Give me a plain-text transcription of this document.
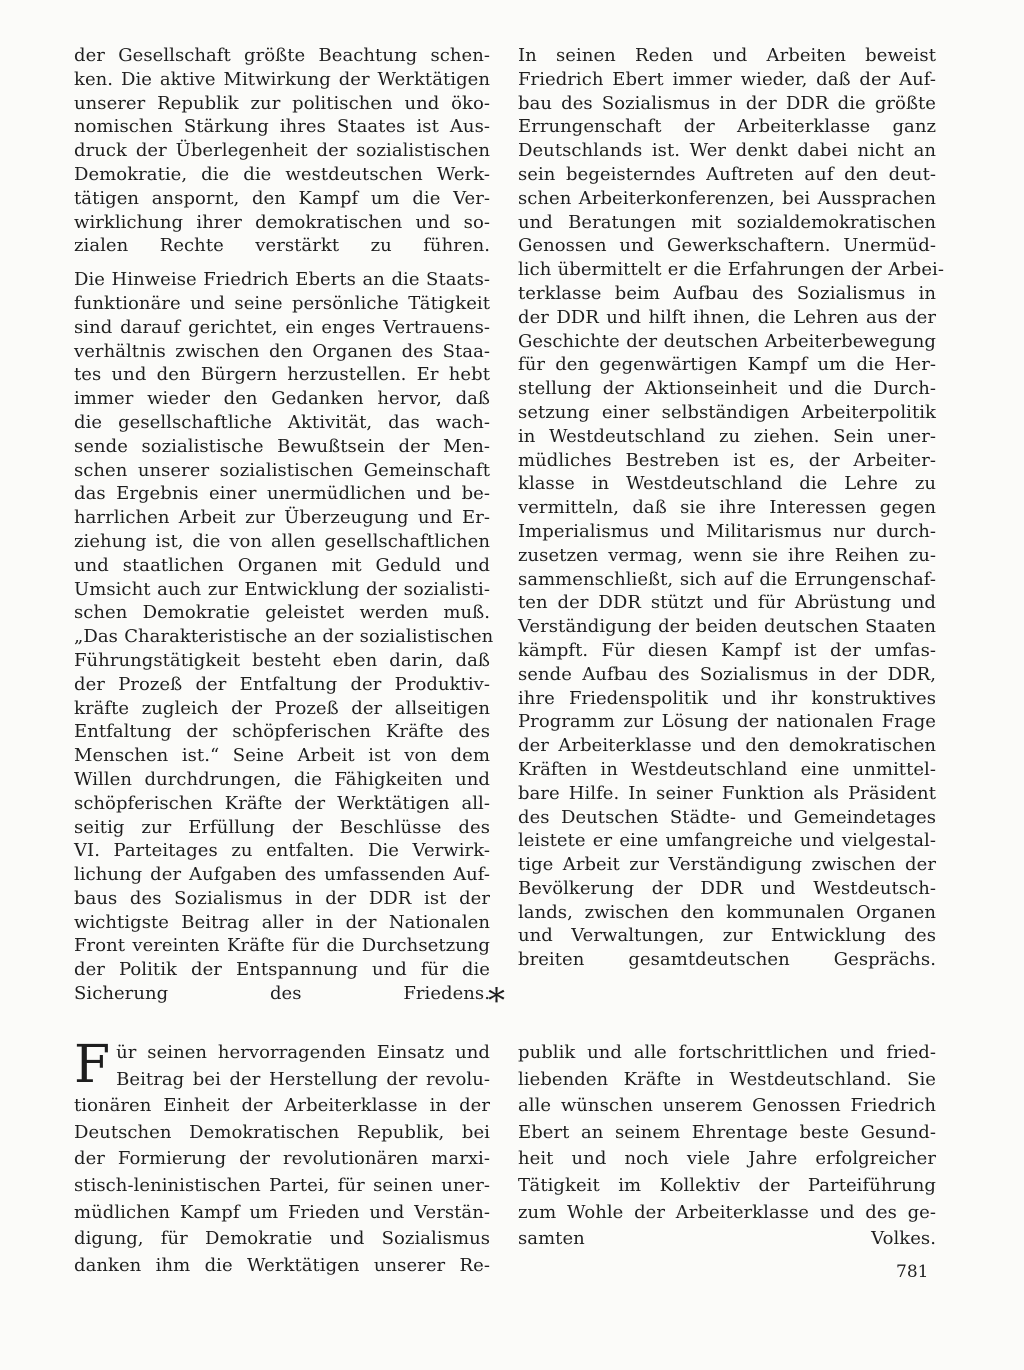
der Gesellschaft größte Beachtung schen-
ken. Die aktive Mitwirkung der Werktätigen
unserer Republik zur politischen und öko-
nomischen Stärkung ihres Staates ist Aus-
druck der Überlegenheit der sozialistischen
Demokratie, die die westdeutschen Werk-
tätigen anspornt, den Kampf um die Ver-
wirklichung ihrer demokratischen und so-
zialen Rechte verstärkt zu führen.

Die Hinweise Friedrich Eberts an die Staats-
funktionäre und seine persönliche Tätigkeit
sind darauf gerichtet, ein enges Vertrauens-
verhältnis zwischen den Organen des Staa-
tes und den Bürgern herzustellen. Er hebt
immer wieder den Gedanken hervor, daß
die gesellschaftliche Aktivität, das wach-
sende sozialistische Bewußtsein der Men-
schen unserer sozialistischen Gemeinschaft
das Ergebnis einer unermüdlichen und be-
harrlichen Arbeit zur Überzeugung und Er-
ziehung ist, die von allen gesellschaftlichen
und staatlichen Organen mit Geduld und
Umsicht auch zur Entwicklung der sozialisti-
schen Demokratie geleistet werden muß.
„Das Charakteristische an der sozialistischen
Führungstätigkeit besteht eben darin, daß
der Prozeß der Entfaltung der Produktiv-
kräfte zugleich der Prozeß der allseitigen
Entfaltung der schöpferischen Kräfte des
Menschen ist.“ Seine Arbeit ist von dem
Willen durchdrungen, die Fähigkeiten und
schöpferischen Kräfte der Werktätigen all-
seitig zur Erfüllung der Beschlüsse des
VI. Parteitages zu entfalten. Die Verwirk-
lichung der Aufgaben des umfassenden Auf-
baus des Sozialismus in der DDR ist der
wichtigste Beitrag aller in der Nationalen
Front vereinten Kräfte für die Durchsetzung
der Politik der Entspannung und für die
Sicherung des Friedens.

In seinen Reden und Arbeiten beweist
Friedrich Ebert immer wieder, daß der Auf-
bau des Sozialismus in der DDR die größte
Errungenschaft der Arbeiterklasse ganz
Deutschlands ist. Wer denkt dabei nicht an
sein begeisterndes Auftreten auf den deut-
schen Arbeiterkonferenzen, bei Aussprachen
und Beratungen mit sozialdemokratischen
Genossen und Gewerkschaftern. Unermüd-
lich übermittelt er die Erfahrungen der Arbei-
terklasse beim Aufbau des Sozialismus in
der DDR und hilft ihnen, die Lehren aus der
Geschichte der deutschen Arbeiterbewegung
für den gegenwärtigen Kampf um die Her-
stellung der Aktionseinheit und die Durch-
setzung einer selbständigen Arbeiterpolitik
in Westdeutschland zu ziehen. Sein uner-
müdliches Bestreben ist es, der Arbeiter-
klasse in Westdeutschland die Lehre zu
vermitteln, daß sie ihre Interessen gegen
Imperialismus und Militarismus nur durch-
zusetzen vermag, wenn sie ihre Reihen zu-
sammenschließt, sich auf die Errungenschaf-
ten der DDR stützt und für Abrüstung und
Verständigung der beiden deutschen Staaten
kämpft. Für diesen Kampf ist der umfas-
sende Aufbau des Sozialismus in der DDR,
ihre Friedenspolitik und ihr konstruktives
Programm zur Lösung der nationalen Frage
der Arbeiterklasse und den demokratischen
Kräften in Westdeutschland eine unmittel-
bare Hilfe. In seiner Funktion als Präsident
des Deutschen Städte- und Gemeindetages
leistete er eine umfangreiche und vielgestal-
tige Arbeit zur Verständigung zwischen der
Bevölkerung der DDR und Westdeutsch-
lands, zwischen den kommunalen Organen
und Verwaltungen, zur Entwicklung des
breiten gesamtdeutschen Gesprächs.

*

F ür seinen hervorragenden Einsatz und
Beitrag bei der Herstellung der revolu-
tionären Einheit der Arbeiterklasse in der
Deutschen Demokratischen Republik, bei
der Formierung der revolutionären marxi-
stisch-leninistischen Partei, für seinen uner-
müdlichen Kampf um Frieden und Verstän-
digung, für Demokratie und Sozialismus
danken ihm die Werktätigen unserer Re-

publik und alle fortschrittlichen und fried-
liebenden Kräfte in Westdeutschland. Sie
alle wünschen unserem Genossen Friedrich
Ebert an seinem Ehrentage beste Gesund-
heit und noch viele Jahre erfolgreicher
Tätigkeit im Kollektiv der Parteiführung
zum Wohle der Arbeiterklasse und des ge-
samten Volkes.

781
